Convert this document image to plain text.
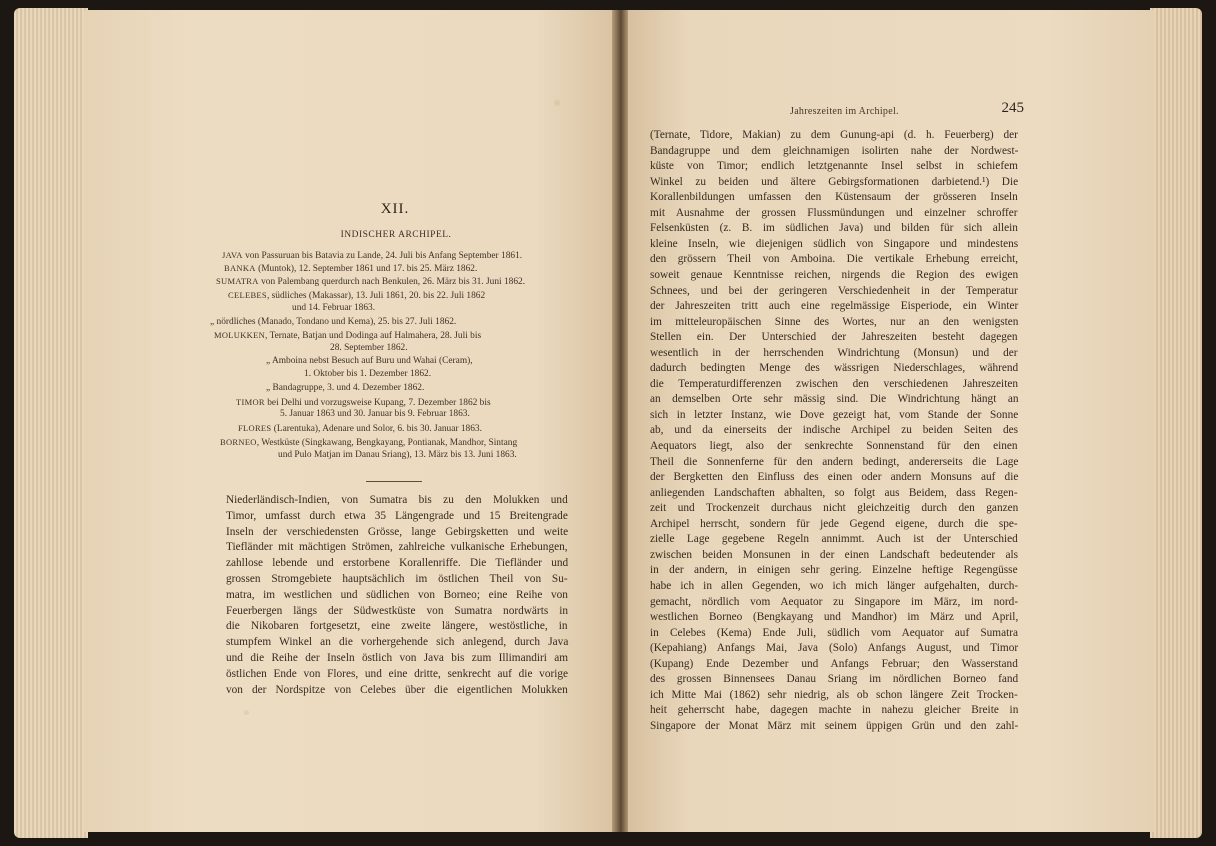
XII.
INDISCHER ARCHIPEL.
JAVA von Passuruan bis Batavia zu Lande, 24. Juli bis Anfang September 1861.
BANKA (Muntok), 12. September 1861 und 17. bis 25. März 1862.
SUMATRA von Palembang querdurch nach Benkulen, 26. März bis 31. Juni 1862.
CELEBES, südliches (Makassar), 13. Juli 1861, 20. bis 22. Juli 1862
und 14. Februar 1863.
„ nördliches (Manado, Tondano und Kema), 25. bis 27. Juli 1862.
MOLUKKEN, Ternate, Batjan und Dodinga auf Halmahera, 28. Juli bis
28. September 1862.
„ Amboina nebst Besuch auf Buru und Wahai (Ceram),
1. Oktober bis 1. Dezember 1862.
„ Bandagruppe, 3. und 4. Dezember 1862.
TIMOR bei Delhi und vorzugsweise Kupang, 7. Dezember 1862 bis
5. Januar 1863 und 30. Januar bis 9. Februar 1863.
FLORES (Larentuka), Adenare und Solor, 6. bis 30. Januar 1863.
BORNEO, Westküste (Singkawang, Bengkayang, Pontianak, Mandhor, Sintang
und Pulo Matjan im Danau Sriang), 13. März bis 13. Juni 1863.
Jahreszeiten im Archipel.	245
Niederländisch-Indien, von Sumatra bis zu den Molukken und
Timor, umfasst durch etwa 35 Längengrade und 15 Breitengrade
Inseln der verschiedensten Grösse, lange Gebirgsketten und weite
Tiefländer mit mächtigen Strömen, zahlreiche vulkanische Erhebungen,
zahllose lebende und erstorbene Korallenriffe. Die Tiefländer und
grossen Stromgebiete hauptsächlich im östlichen Theil von Su-
matra, im westlichen und südlichen von Borneo; eine Reihe von
Feuerbergen längs der Südwestküste von Sumatra nordwärts in
die Nikobaren fortgesetzt, eine zweite längere, westöstliche, in
stumpfem Winkel an die vorhergehende sich anlegend, durch Java
und die Reihe der Inseln östlich von Java bis zum Illimandiri am
östlichen Ende von Flores, und eine dritte, senkrecht auf die vorige
von der Nordspitze von Celebes über die eigentlichen Molukken
(Ternate, Tidore, Makian) zu dem Gunung-api (d. h. Feuerberg) der
Bandagruppe und dem gleichnamigen isolirten nahe der Nordwest-
küste von Timor; endlich letztgenannte Insel selbst in schiefem
Winkel zu beiden und ältere Gebirgsformationen darbietend.¹) Die
Korallenbildungen umfassen den Küstensaum der grösseren Inseln
mit Ausnahme der grossen Flussmündungen und einzelner schroffer
Felsenküsten (z. B. im südlichen Java) und bilden für sich allein
kleine Inseln, wie diejenigen südlich von Singapore und mindestens
den grössern Theil von Amboina. Die vertikale Erhebung erreicht,
soweit genaue Kenntnisse reichen, nirgends die Region des ewigen
Schnees, und bei der geringeren Verschiedenheit in der Temperatur
der Jahreszeiten tritt auch eine regelmässige Eisperiode, ein Winter
im mitteleuropäischen Sinne des Wortes, nur an den wenigsten
Stellen ein. Der Unterschied der Jahreszeiten besteht dagegen
wesentlich in der herrschenden Windrichtung (Monsun) und der
dadurch bedingten Menge des wässrigen Niederschlages, während
die Temperaturdifferenzen zwischen den verschiedenen Jahreszeiten
an demselben Orte sehr mässig sind. Die Windrichtung hängt an
sich in letzter Instanz, wie Dove gezeigt hat, vom Stande der Sonne
ab, und da einerseits der indische Archipel zu beiden Seiten des
Aequators liegt, also der senkrechte Sonnenstand für den einen
Theil die Sonnenferne für den andern bedingt, andererseits die Lage
der Bergketten den Einfluss des einen oder andern Monsuns auf die
anliegenden Landschaften abhalten, so folgt aus Beidem, dass Regen-
zeit und Trockenzeit durchaus nicht gleichzeitig durch den ganzen
Archipel herrscht, sondern für jede Gegend eigene, durch die spe-
zielle Lage gegebene Regeln annimmt. Auch ist der Unterschied
zwischen beiden Monsunen in der einen Landschaft bedeutender als
in der andern, in einigen sehr gering. Einzelne heftige Regengüsse
habe ich in allen Gegenden, wo ich mich länger aufgehalten, durch-
gemacht, nördlich vom Aequator zu Singapore im März, im nord-
westlichen Borneo (Bengkayang und Mandhor) im März und April,
in Celebes (Kema) Ende Juli, südlich vom Aequator auf Sumatra
(Kepahiang) Anfangs Mai, Java (Solo) Anfangs August, und Timor
(Kupang) Ende Dezember und Anfangs Februar; den Wasserstand
des grossen Binnensees Danau Sriang im nördlichen Borneo fand
ich Mitte Mai (1862) sehr niedrig, als ob schon längere Zeit Trocken-
heit geherrscht habe, dagegen machte in nahezu gleicher Breite in
Singapore der Monat März mit seinem üppigen Grün und den zahl-
